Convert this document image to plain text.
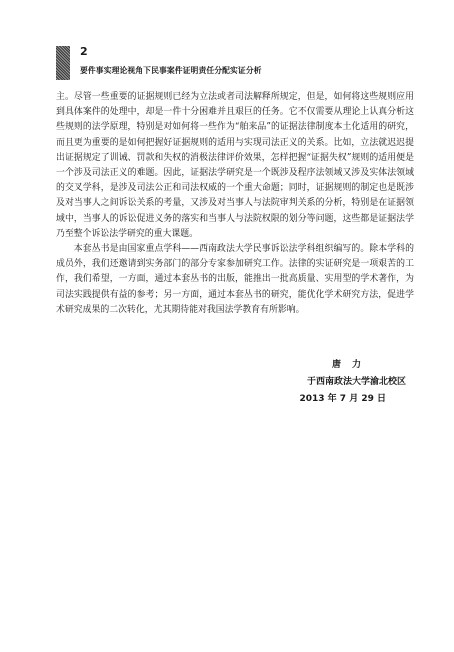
2
要件事实理论视角下民事案件证明责任分配实证分析

主。尽管一些重要的证据规则已经为立法或者司法解释所规定，但是，如何将这些规则应用到具体案件的处理中，却是一件十分困难并且艰巨的任务。它不仅需要从理论上认真分析这些规则的法学原理，特别是对如何将一些作为“舶来品”的证据法律制度本土化适用的研究，而且更为重要的是如何把握好证据规则的适用与实现司法正义的关系。比如，立法就迟迟提出证据规定了训诫、罚款和失权的消极法律评价效果，怎样把握“证据失权”规则的适用便是一个涉及司法正义的难题。因此，证据法学研究是一个既涉及程序法领域又涉及实体法领域的交叉学科，是涉及司法公正和司法权威的一个重大命题；同时，证据规则的制定也是既涉及对当事人之间诉讼关系的考量，又涉及对当事人与法院审判关系的分析，特别是在证据领域中，当事人的诉讼促进义务的落实和当事人与法院权限的划分等问题，这些都是证据法学乃至整个诉讼法学研究的重大课题。

本套丛书是由国家重点学科——西南政法大学民事诉讼法学科组织编写的。除本学科的成员外，我们还邀请到实务部门的部分专家参加研究工作。法律的实证研究是一项艰苦的工作，我们希望，一方面，通过本套丛书的出版，能推出一批高质量、实用型的学术著作，为司法实践提供有益的参考；另一方面，通过本套丛书的研究，能优化学术研究方法，促进学术研究成果的二次转化，尤其期待能对我国法学教育有所影响。

唐力
于西南政法大学渝北校区
2013 年 7 月 29 日
